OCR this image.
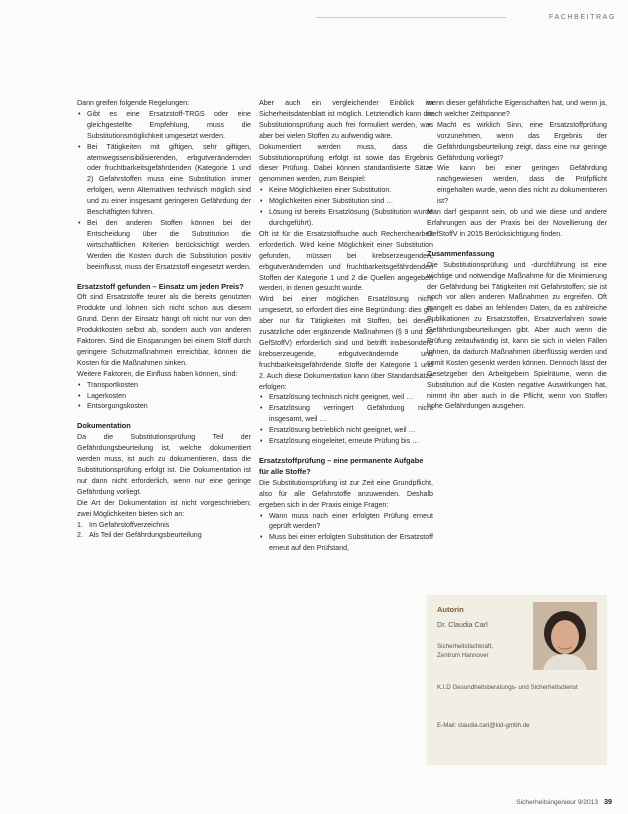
FACHBEITRAG

Dann greifen folgende Regelungen:

• Gibt es eine Ersatzstoff-TRGS oder eine gleichgestellte Empfehlung, muss die Substitutionsmöglichkeit umgesetzt werden.
• Bei Tätigkeiten mit giftigen, sehr giftigen, atemwegssensibilisierenden, erbgutverändernden oder fruchtbarkeitsgefährdenden (Kategorie 1 und 2) Gefahrstoffen muss eine Substitution immer erfolgen, wenn Alternativen technisch möglich sind und zu einer insgesamt geringeren Gefährdung der Beschäftigten führen.
• Bei den anderen Stoffen können bei der Entscheidung über die Substitution die wirtschaftlichen Kriterien berücksichtigt werden. Werden die Kosten durch die Substitution positiv beeinflusst, muss der Ersatzstoff eingesetzt werden.
Ersatzstoff gefunden – Einsatz um jeden Preis?

Oft sind Ersatzstoffe teurer als die bereits genutzten Produkte und lohnen sich nicht schon aus diesem Grund. Denn der Einsatz hängt oft nicht nur von den Produktkosten selbst ab, sondern auch von anderen Faktoren. Sind die Einsparungen bei einem Stoff durch geringere Schutzmaßnahmen erreichbar, können die Kosten für die Maßnahmen sinken.

Weitere Faktoren, die Einfluss haben können, sind:

• Transportkosten
• Lagerkosten
• Entsorgungskosten
Dokumentation

Da die Substitutionsprüfung Teil der Gefährdungsbeurteilung ist, welche dokumentiert werden muss, ist auch zu dokumentieren, dass die Substitutionsprüfung erfolgt ist. Die Dokumentation ist nur dann nicht erforderlich, wenn nur eine geringe Gefährdung vorliegt.

Die Art der Dokumentation ist nicht vorgeschrieben; zwei Möglichkeiten bieten sich an:

1. Im Gefahrstoffverzeichnis
2. Als Teil der Gefährdungsbeurteilung

Aber auch ein vergleichender Einblick im Sicherheitsdatenblatt ist möglich. Letztendlich kann die Substitutionsprüfung auch frei formuliert werden, was aber bei vielen Stoffen zu aufwendig wäre.

Dokumentiert werden muss, dass die Substitutionsprüfung erfolgt ist sowie das Ergebnis dieser Prüfung. Dabei können standardisierte Sätze genommen werden, zum Beispiel:

• Keine Möglichkeiten einer Substitution.
• Möglichkeiten einer Substitution sind …
• Lösung ist bereits Ersatzlösung (Substitution wurde durchgeführt).

Oft ist für die Ersatzstoffsuche auch Recherchearbeit erforderlich. Wird keine Möglichkeit einer Substitution gefunden, müssen bei krebserzeugenden, erbgutverändernden und fruchtbarkeitsgefährdenden Stoffen der Kategorie 1 und 2 die Quellen angegeben werden, in denen gesucht wurde.

Wird bei einer möglichen Ersatzlösung nicht umgesetzt, so erfordert dies eine Begründung: dies gilt aber nur für Tätigkeiten mit Stoffen, bei denen zusätzliche oder ergänzende Maßnahmen (§ 9 und 10 GefStoffV) erforderlich sind und betrifft insbesondere krebserzeugende, erbgutverändernde und fruchtbarkeitsgefährdende Stoffe der Kategorie 1 und 2. Auch diese Dokumentation kann über Standardsätze erfolgen:

• Ersatzlösung technisch nicht geeignet, weil …
• Ersatzlösung verringert Gefährdung nicht insgesamt, weil …
• Ersatzlösung betrieblich nicht geeignet, weil …
• Ersatzlösung eingeleitet, erneute Prüfung bis …
Ersatzstoffprüfung – eine permanente Aufgabe für alle Stoffe?

Die Substitutionsprüfung ist zur Zeit eine Grundpflicht, also für alle Gefahrstoffe anzuwenden. Deshalb ergeben sich in der Praxis einige Fragen:

• Wann muss nach einer erfolgten Prüfung erneut geprüft werden?
• Muss bei einer erfolgten Substitution der Ersatzstoff erneut auf den Prüfstand,

wenn dieser gefährliche Eigenschaften hat, und wenn ja, nach welcher Zeitspanne?

• Macht es wirklich Sinn, eine Ersatzstoffprüfung vorzunehmen, wenn das Ergebnis der Gefährdungsbeurteilung zeigt, dass eine nur geringe Gefährdung vorliegt?
• Wie kann bei einer geringen Gefährdung nachgewiesen werden, dass die Prüfpflicht eingehalten wurde, wenn dies nicht zu dokumentieren ist?

Man darf gespannt sein, ob und wie diese und andere Erfahrungen aus der Praxis bei der Novellierung der GefStoffV in 2015 Berücksichtigung finden.

Zusammenfassung

Die Substitutionsprüfung und -durchführung ist eine wichtige und notwendige Maßnahme für die Minimierung der Gefährdung bei Tätigkeiten mit Gefahrstoffen; sie ist noch vor allen anderen Maßnahmen zu ergreifen. Oft mangelt es dabei an fehlenden Daten, da es zahlreiche Publikationen zu Ersatzstoffen, Ersatzverfahren sowie Gefährdungsbeurteilungen gibt. Aber auch wenn die Prüfung zeitaufwändig ist, kann sie sich in vielen Fällen lohnen, da dadurch Maßnahmen überflüssig werden und somit Kosten gesenkt werden können. Dennoch lässt der Gesetzgeber den Arbeitgebern Spielräume, wenn die Substitution auf die Kosten negative Auswirkungen hat, nimmt ihn aber auch in die Pflicht, wenn von Stoffen hohe Gefährdungen ausgehen.

Autorin
Dr. Claudia Carl
Sicherheitsfachkraft,
Zentrum Hannover
K.I.D Gesundheitsberatungs- und Sicherheitsdienst
E-Mail: claudia.carl@kid-gmbh.de
Sicherheitsingenieur 9/2013 39
